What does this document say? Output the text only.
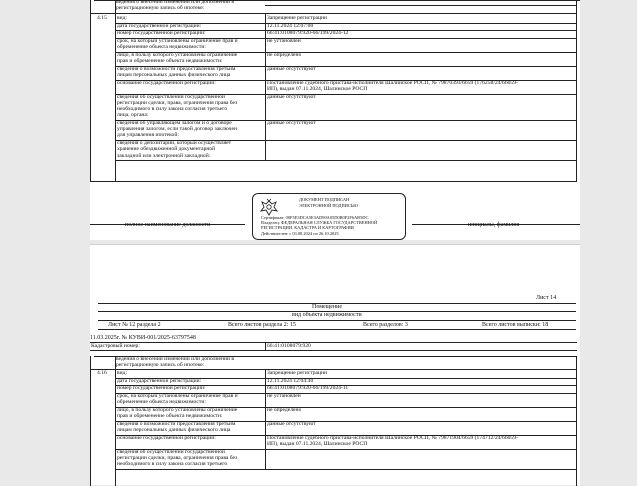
ведения о внесении изменений или дополнений в
регистрационную запись об ипотеке:
4.15 вид:	Запрещение регистрации
дата государственной регистрации:	12.11.2024 12:07:00
номер государственной регистрации:	66:41:0108079:920-66/199/2024-12
срок, на который установлены ограничение прав и
обременение объекта недвижимости:
не установлен
лицо, в пользу которого установлены ограничение
прав и обременение объекта недвижимости:
не определено
сведения о возможности предоставления третьим
лицам персональных данных физического лица
данные отсутствуют
основание государственной регистрации:	Постановление судебного пристава-исполнителя Шалинское РОСП, № 79870393/6659 (176258/24/66059-
ИП), выдан 07.11.2024, Шалинское РОСП
сведения об осуществлении государственной
регистрации сделки, права, ограничения права без
необходимого в силу закона согласия третьего
лица, органа:
данные отсутствуют
сведения об управляющем залогом и о договоре
управления залогом, если такой договор заключен
для управления ипотекой:
данные отсутствуют
сведения о депозитарии, который осуществляет
хранение обездвиженной документарной
закладной или электронной закладной:
полное наименование должности	инициалы, фамилия
ДОКУМЕНТ ПОДПИСАН
ЭЛЕКТРОННОЙ ПОДПИСЬЮ
Сертификат: 00F5E3DCA5E3AD90A05D0B0F2F6AB5DC
Владелец: ФЕДЕРАЛЬНАЯ СЛУЖБА ГОСУДАРСТВЕННОЙ
РЕГИСТРАЦИИ, КАДАСТРА И КАРТОГРАФИИ
Действителен: с 03.08.2024 по 26.10.2025
Лист 14
Помещение
вид объекта недвижимости
Лист № 12 раздела 2	Всего листов раздела 2: 15	Всего разделов: 3	Всего листов выписки: 18
11.03.2025г. № КУВИ-001/2025-63797548
Кадастровый номер:	66:41:0108079:920
ведения о внесении изменений или дополнений в
регистрационную запись об ипотеке:
4.16 вид:	Запрещение регистрации
дата государственной регистрации:	12.11.2024 12:04:40
номер государственной регистрации:	66:41:0108079:920-66/199/2024-11
срок, на который установлены ограничение прав и
обременение объекта недвижимости:
не установлен
лицо, в пользу которого установлены ограничение
прав и обременение объекта недвижимости:
не определено
сведения о возможности предоставления третьим
лицам персональных данных физического лица
данные отсутствуют
основание государственной регистрации:	Постановление судебного пристава-исполнителя Шалинское РОСП, № 79871904/6659 (174712/24/66059-
ИП), выдан 07.11.2024, Шалинское РОСП
сведения об осуществлении государственной
регистрации сделки, права, ограничения права без
необходимого в силу закона согласия третьего
